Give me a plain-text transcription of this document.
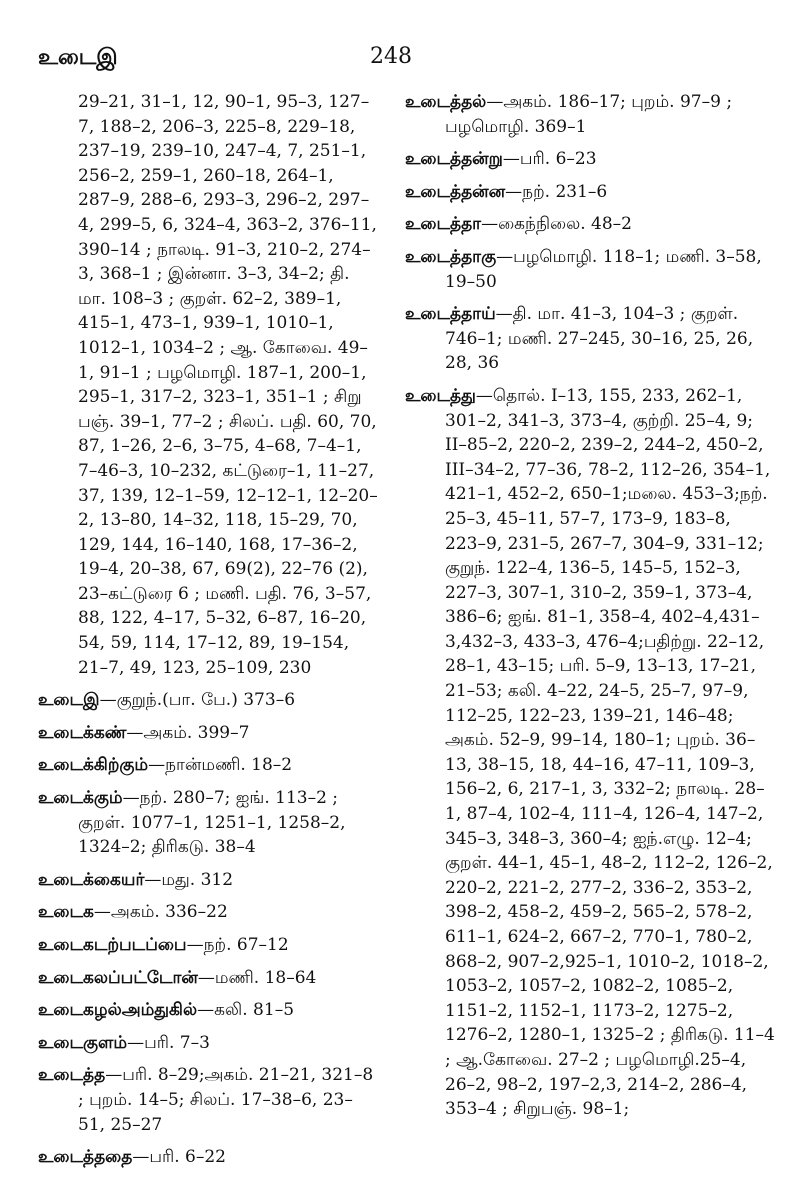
உடைஇ	248

29–21, 31–1, 12, 90–1, 95–3, 127–7, 188–2, 206–3, 225–8, 229–18, 237–19, 239–10, 247–4, 7, 251–1, 256–2, 259–1, 260–18, 264–1, 287–9, 288–6, 293–3, 296–2, 297–4, 299–5, 6, 324–4, 363–2, 376–11, 390–14 ; நாலடி. 91–3, 210–2, 274–3, 368–1 ; இன்னா. 3–3, 34–2; தி. மா. 108–3 ; குறள். 62–2, 389–1, 415–1, 473–1, 939–1, 1010–1, 1012–1, 1034–2 ; ஆ. கோவை. 49–1, 91–1 ; பழமொழி. 187–1, 200–1, 295–1, 317–2, 323–1, 351–1 ; சிறு பஞ். 39–1, 77–2 ; சிலப். பதி. 60, 70, 87, 1–26, 2–6, 3–75, 4–68, 7–4–1, 7–46–3, 10–232, கட்டுரை–1, 11–27, 37, 139, 12–1–59, 12–12–1, 12–20–2, 13–80, 14–32, 118, 15–29, 70, 129, 144, 16–140, 168, 17–36–2, 19–4, 20–38, 67, 69(2), 22–76 (2), 23–கட்டுரை 6 ; மணி. பதி. 76, 3–57, 88, 122, 4–17, 5–32, 6–87, 16–20, 54, 59, 114, 17–12, 89, 19–154, 21–7, 49, 123, 25–109, 230

உடைஇ—குறுந்.(பா. பே.) 373–6

உடைக்கண்—அகம். 399–7

உடைக்கிற்கும்—நான்மணி. 18–2

உடைக்கும்—நற். 280–7; ஐங். 113–2 ; குறள். 1077–1, 1251–1, 1258–2, 1324–2; திரிகடு. 38–4

உடைக்கையர்—மது. 312

உடைக—அகம். 336–22

உடைகடற்படப்பை—நற். 67–12

உடைகலப்பட்டோன்—மணி. 18–64

உடைகழல்அம்துகில்—கலி. 81–5

உடைகுளம்—பரி. 7–3

உடைத்த—பரி. 8–29;அகம். 21–21, 321–8 ; புறம். 14–5; சிலப். 17–38–6, 23–51, 25–27

உடைத்ததை—பரி. 6–22

உடைத்தல்—அகம். 186–17; புறம். 97–9 ; பழமொழி. 369–1

உடைத்தன்று—பரி. 6–23

உடைத்தன்ன—நற். 231–6

உடைத்தா—கைந்நிலை. 48–2

உடைத்தாகு—பழமொழி. 118–1; மணி. 3–58, 19–50

உடைத்தாய்—தி. மா. 41–3, 104–3 ; குறள். 746–1; மணி. 27–245, 30–16, 25, 26, 28, 36

உடைத்து—தொல். I–13, 155, 233, 262–1, 301–2, 341–3, 373–4, குற்றி. 25–4, 9; II–85–2, 220–2, 239–2, 244–2, 450–2, III–34–2, 77–36, 78–2, 112–26, 354–1, 421–1, 452–2, 650–1;மலை. 453–3;நற். 25–3, 45–11, 57–7, 173–9, 183–8, 223–9, 231–5, 267–7, 304–9, 331–12; குறுந். 122–4, 136–5, 145–5, 152–3, 227–3, 307–1, 310–2, 359–1, 373–4, 386–6; ஐங். 81–1, 358–4, 402–4,431–3,432–3, 433–3, 476–4;பதிற்று. 22–12, 28–1, 43–15; பரி. 5–9, 13–13, 17–21, 21–53; கலி. 4–22, 24–5, 25–7, 97–9, 112–25, 122–23, 139–21, 146–48; அகம். 52–9, 99–14, 180–1; புறம். 36–13, 38–15, 18, 44–16, 47–11, 109–3, 156–2, 6, 217–1, 3, 332–2; நாலடி. 28–1, 87–4, 102–4, 111–4, 126–4, 147–2, 345–3, 348–3, 360–4; ஐந்.எழு. 12–4; குறள். 44–1, 45–1, 48–2, 112–2, 126–2, 220–2, 221–2, 277–2, 336–2, 353–2, 398–2, 458–2, 459–2, 565–2, 578–2, 611–1, 624–2, 667–2, 770–1, 780–2, 868–2, 907–2,925–1, 1010–2, 1018–2, 1053–2, 1057–2, 1082–2, 1085–2, 1151–2, 1152–1, 1173–2, 1275–2, 1276–2, 1280–1, 1325–2 ; திரிகடு. 11–4 ; ஆ.கோவை. 27–2 ; பழமொழி.25–4, 26–2, 98–2, 197–2,3, 214–2, 286–4, 353–4 ; சிறுபஞ். 98–1;
